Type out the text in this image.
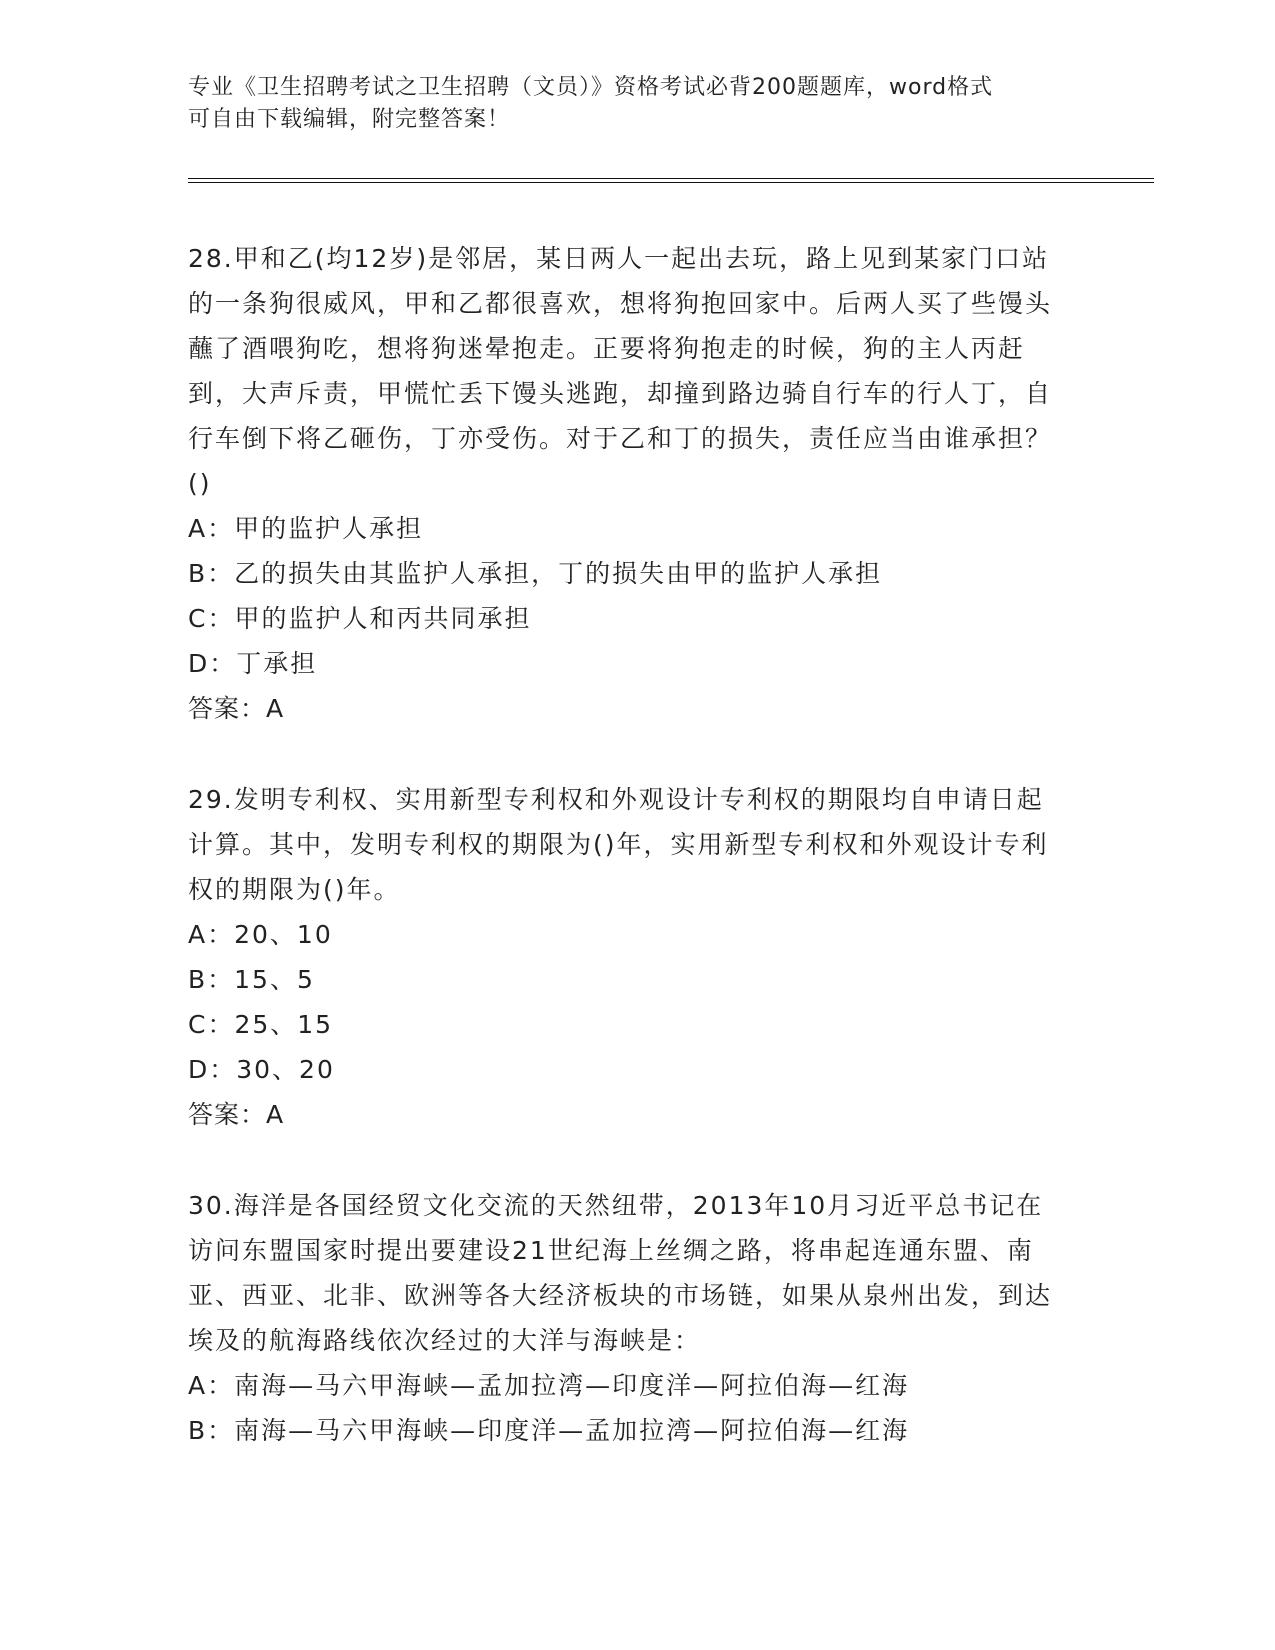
专业《卫生招聘考试之卫生招聘（文员）》资格考试必背200题题库，word格式
可自由下载编辑，附完整答案！
28.甲和乙(均12岁)是邻居，某日两人一起出去玩，路上见到某家门口站的一条狗很威风，甲和乙都很喜欢，想将狗抱回家中。后两人买了些馒头蘸了酒喂狗吃，想将狗迷晕抱走。正要将狗抱走的时候，狗的主人丙赶到，大声斥责，甲慌忙丢下馒头逃跑，却撞到路边骑自行车的行人丁，自行车倒下将乙砸伤，丁亦受伤。对于乙和丁的损失，责任应当由谁承担？()
A：甲的监护人承担
B：乙的损失由其监护人承担，丁的损失由甲的监护人承担
C：甲的监护人和丙共同承担
D：丁承担
答案：A
29.发明专利权、实用新型专利权和外观设计专利权的期限均自申请日起计算。其中，发明专利权的期限为()年，实用新型专利权和外观设计专利权的期限为()年。
A：20、10
B：15、5
C：25、15
D：30、20
答案：A
30.海洋是各国经贸文化交流的天然纽带，2013年10月习近平总书记在访问东盟国家时提出要建设21世纪海上丝绸之路，将串起连通东盟、南亚、西亚、北非、欧洲等各大经济板块的市场链，如果从泉州出发，到达埃及的航海路线依次经过的大洋与海峡是：
A：南海—马六甲海峡—孟加拉湾—印度洋—阿拉伯海—红海
B：南海—马六甲海峡—印度洋—孟加拉湾—阿拉伯海—红海
